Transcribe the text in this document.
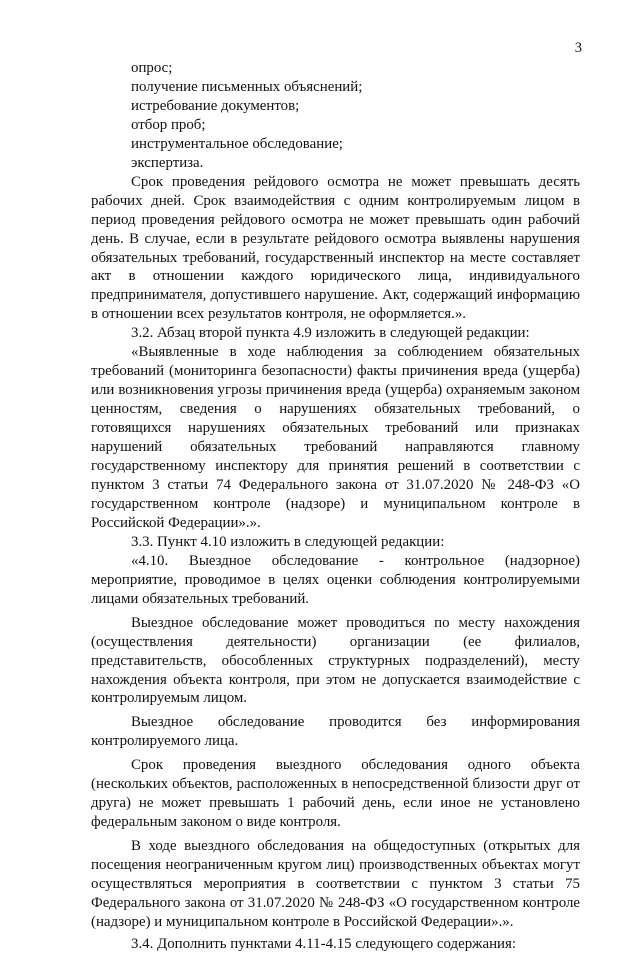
3

опрос;

получение письменных объяснений;

истребование документов;

отбор проб;

инструментальное обследование;

экспертиза.

Срок проведения рейдового осмотра не может превышать десять рабочих дней. Срок взаимодействия с одним контролируемым лицом в период проведения рейдового осмотра не может превышать один рабочий день. В случае, если в результате рейдового осмотра выявлены нарушения обязательных требований, государственный инспектор на месте составляет акт в отношении каждого юридического лица, индивидуального предпринимателя, допустившего нарушение. Акт, содержащий информацию в отношении всех результатов контроля, не оформляется.».

3.2. Абзац второй пункта 4.9 изложить в следующей редакции:

«Выявленные в ходе наблюдения за соблюдением обязательных требований (мониторинга безопасности) факты причинения вреда (ущерба) или возникновения угрозы причинения вреда (ущерба) охраняемым законом ценностям, сведения о нарушениях обязательных требований, о готовящихся нарушениях обязательных требований или признаках нарушений обязательных требований направляются главному государственному инспектору для принятия решений в соответствии с пунктом 3 статьи 74 Федерального закона от 31.07.2020 № 248-ФЗ «О государственном контроле (надзоре) и муниципальном контроле в Российской Федерации».».

3.3. Пункт 4.10 изложить в следующей редакции:

«4.10. Выездное обследование - контрольное (надзорное) мероприятие, проводимое в целях оценки соблюдения контролируемыми лицами обязательных требований.

Выездное обследование может проводиться по месту нахождения (осуществления деятельности) организации (ее филиалов, представительств, обособленных структурных подразделений), месту нахождения объекта контроля, при этом не допускается взаимодействие с контролируемым лицом.

Выездное обследование проводится без информирования контролируемого лица.

Срок проведения выездного обследования одного объекта (нескольких объектов, расположенных в непосредственной близости друг от друга) не может превышать 1 рабочий день, если иное не установлено федеральным законом о виде контроля.

В ходе выездного обследования на общедоступных (открытых для посещения неограниченным кругом лиц) производственных объектах могут осуществляться мероприятия в соответствии с пунктом 3 статьи 75 Федерального закона от 31.07.2020 № 248-ФЗ «О государственном контроле (надзоре) и муниципальном контроле в Российской Федерации».».

3.4. Дополнить пунктами 4.11-4.15 следующего содержания:
